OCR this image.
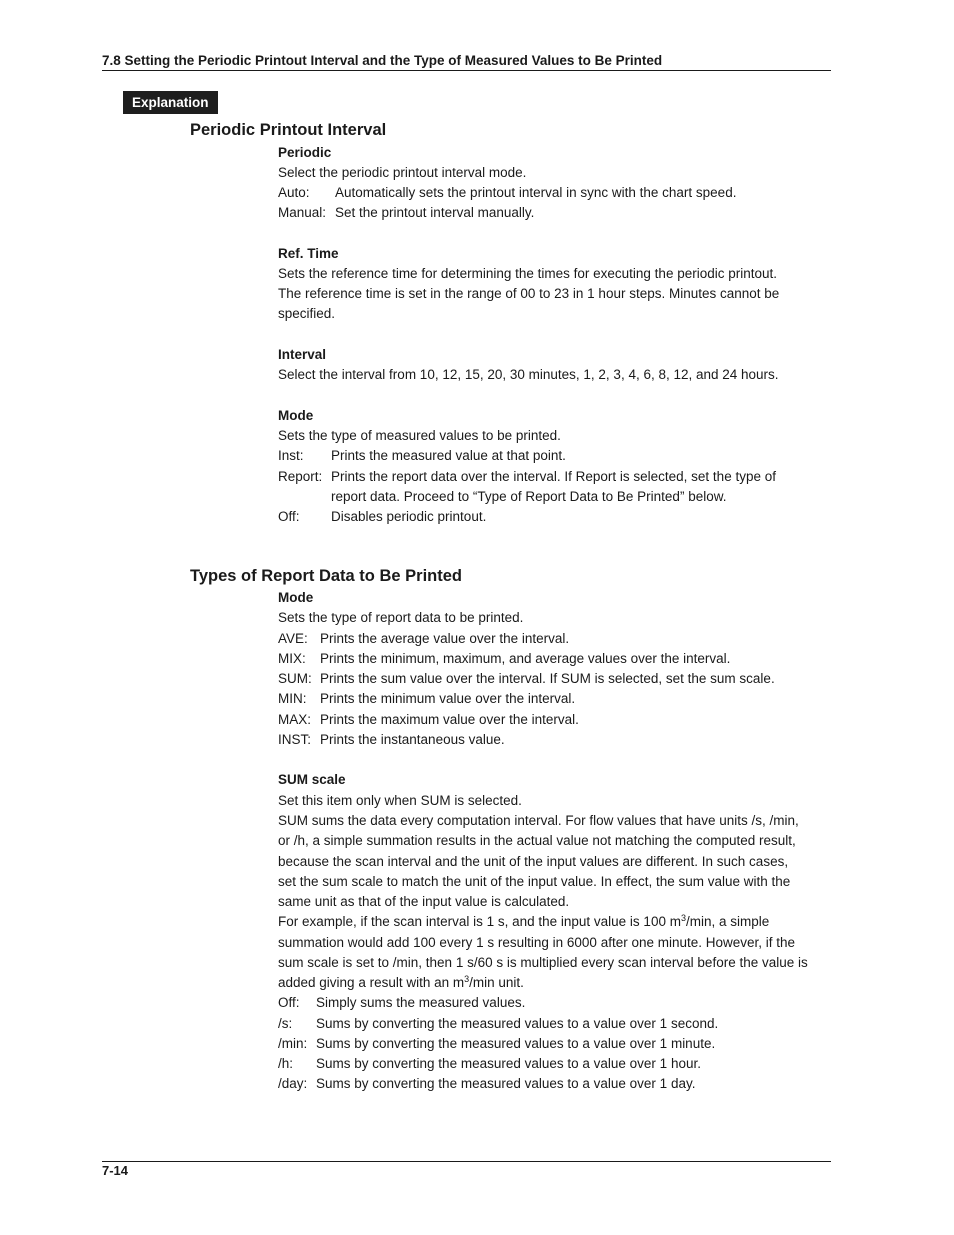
7.8 Setting the Periodic Printout Interval and the Type of Measured Values to Be Printed
Explanation
Periodic Printout Interval
Periodic
Select the periodic printout interval mode.
Auto: Automatically sets the printout interval in sync with the chart speed.
Manual: Set the printout interval manually.
Ref. Time
Sets the reference time for determining the times for executing the periodic printout.
The reference time is set in the range of 00 to 23 in 1 hour steps. Minutes cannot be
specified.
Interval
Select the interval from 10, 12, 15, 20, 30 minutes, 1, 2, 3, 4, 6, 8, 12, and 24 hours.
Mode
Sets the type of measured values to be printed.
Inst: Prints the measured value at that point.
Report: Prints the report data over the interval. If Report is selected, set the type of
report data. Proceed to “Type of Report Data to Be Printed” below.
Off: Disables periodic printout.
Types of Report Data to Be Printed
Mode
Sets the type of report data to be printed.
AVE: Prints the average value over the interval.
MIX: Prints the minimum, maximum, and average values over the interval.
SUM: Prints the sum value over the interval. If SUM is selected, set the sum scale.
MIN: Prints the minimum value over the interval.
MAX: Prints the maximum value over the interval.
INST: Prints the instantaneous value.
SUM scale
Set this item only when SUM is selected.
SUM sums the data every computation interval. For flow values that have units /s, /min,
or /h, a simple summation results in the actual value not matching the computed result,
because the scan interval and the unit of the input values are different. In such cases,
set the sum scale to match the unit of the input value. In effect, the sum value with the
same unit as that of the input value is calculated.
For example, if the scan interval is 1 s, and the input value is 100 $m^3/\min$, a simple
summation would add 100 every 1 s resulting in 6000 after one minute. However, if the
sum scale is set to /min, then 1 s/60 s is multiplied every scan interval before the value is
added giving a result with an $m^3/\min$ unit.
Off: Simply sums the measured values.
/s: Sums by converting the measured values to a value over 1 second.
/min: Sums by converting the measured values to a value over 1 minute.
/h: Sums by converting the measured values to a value over 1 hour.
/day: Sums by converting the measured values to a value over 1 day.
7-14
